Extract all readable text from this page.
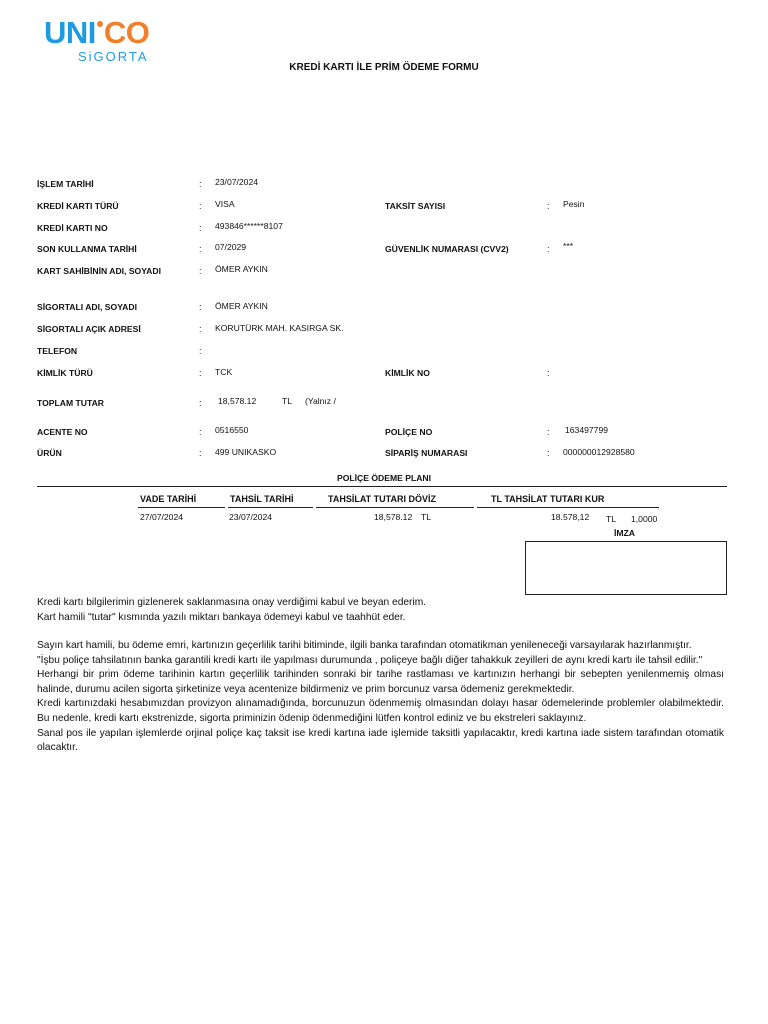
UNI CO
SiGORTA
KREDİ KARTI İLE PRİM ÖDEME FORMU
İŞLEM TARİHİ	: 23/07/2024
KREDİ KARTI TÜRÜ	: VISA	TAKSİT SAYISI	: Pesin
KREDİ KARTI NO	: 493846******8107
SON KULLANMA TARİHİ	: 07/2029	GÜVENLİK NUMARASI (CVV2)	: ***
KART SAHİBİNİN ADI, SOYADI	: ÖMER AYKIN
SİGORTALI ADI, SOYADI	: ÖMER AYKIN
SİGORTALI AÇIK ADRESİ	: KORUTÜRK MAH. KASIRGA SK.
TELEFON	:
KİMLİK TÜRÜ	: TCK	KİMLİK NO	:
TOPLAM TUTAR	: 18,578.12	TL (Yalnız /
ACENTE NO	: 0516550	POLİÇE NO	: 163497799
ÜRÜN	: 499 UNIKASKO	SİPARİŞ NUMARASI	: 000000012928580
POLİÇE ÖDEME PLANI
VADE TARİHİ	TAHSİL TARİHİ	TAHSİLAT TUTARI DÖVİZ	TL TAHSİLAT TUTARI KUR
27/07/2024	23/07/2024	18,578.12 TL	18.578,12 TL 1,0000
İMZA

Kredi kartı bilgilerimin gizlenerek saklanmasına onay verdiğimi kabul ve beyan ederim.

Kart hamili "tutar" kısmında yazılı miktarı bankaya ödemeyi kabul ve taahhüt eder.

Sayın kart hamili, bu ödeme emri, kartınızın geçerlilik tarihi bitiminde, ilgili banka tarafından otomatikman yenileneceği varsayılarak hazırlanmıştır.

"İşbu poliçe tahsilatının banka garantili kredi kartı ile yapılması durumunda , poliçeye bağlı diğer tahakkuk zeyilleri de aynı kredi kartı ile tahsil edilir."

Herhangi bir prim ödeme tarihinin kartın geçerlilik tarihinden sonraki bir tarihe rastlaması ve kartınızın herhangi bir sebepten yenilenmemiş olması halinde, durumu acilen sigorta şirketinize veya acentenize bildirmeniz ve prim borcunuz varsa ödemeniz gerekmektedir.

Kredi kartınızdaki hesabımızdan provizyon alınamadığında, borcunuzun ödenmemiş olmasından dolayı hasar ödemelerinde problemler olabilmektedir. Bu nedenle, kredi kartı ekstrenizde, sigorta priminizin ödenip ödenmediğini lütfen kontrol ediniz ve bu ekstreleri saklayınız.

Sanal pos ile yapılan işlemlerde orjinal poliçe kaç taksit ise kredi kartına iade işlemide taksitli yapılacaktır, kredi kartına iade sistem tarafından otomatik olacaktır.
